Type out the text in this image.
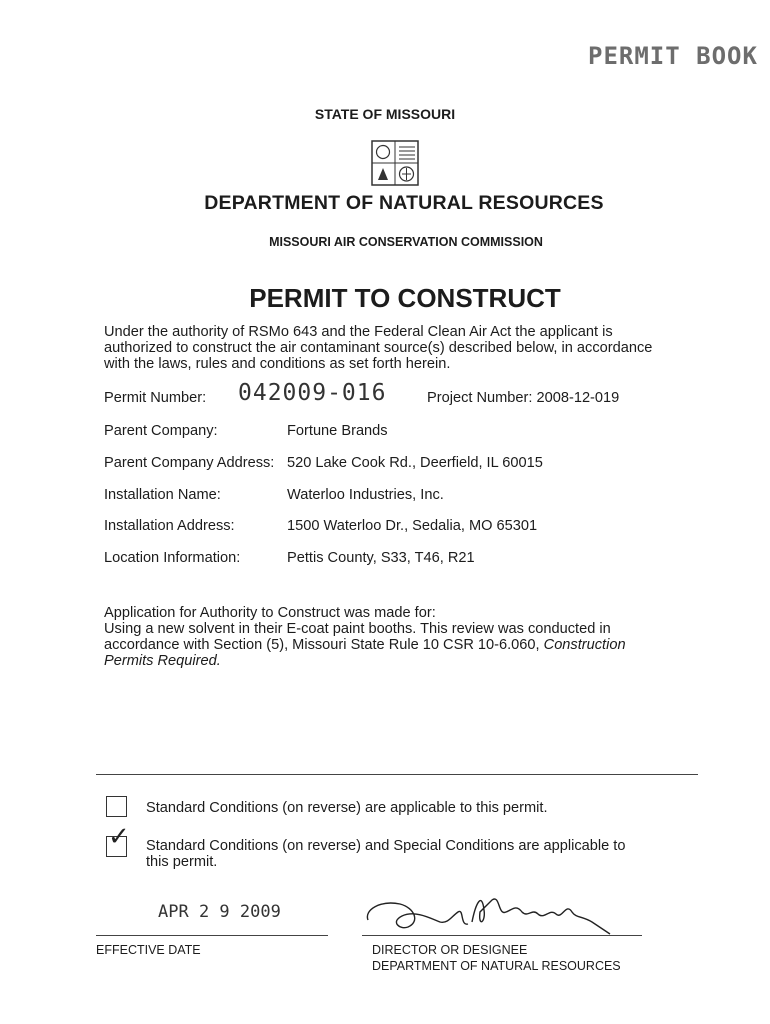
PERMIT BOOK
STATE OF MISSOURI
DEPARTMENT OF NATURAL RESOURCES
MISSOURI AIR CONSERVATION COMMISSION
PERMIT TO CONSTRUCT
Under the authority of RSMo 643 and the Federal Clean Air Act the applicant is
authorized to construct the air contaminant source(s) described below, in accordance
with the laws, rules and conditions as set forth herein.
Permit Number: 042009-016	Project Number: 2008-12-019
Parent Company:	Fortune Brands
Parent Company Address: 520 Lake Cook Rd., Deerfield, IL 60015
Installation Name:	Waterloo Industries, Inc.
Installation Address:	1500 Waterloo Dr., Sedalia, MO 65301
Location Information:	Pettis County, S33, T46, R21
Application for Authority to Construct was made for:
Using a new solvent in their E-coat paint booths. This review was conducted in
accordance with Section (5), Missouri State Rule 10 CSR 10-6.060, Construction
Permits Required.
Standard Conditions (on reverse) are applicable to this permit.
✓ Standard Conditions (on reverse) and Special Conditions are applicable to
this permit.
APR 2 9 2009
EFFECTIVE DATE	DIRECTOR OR DESIGNEE
DEPARTMENT OF NATURAL RESOURCES
